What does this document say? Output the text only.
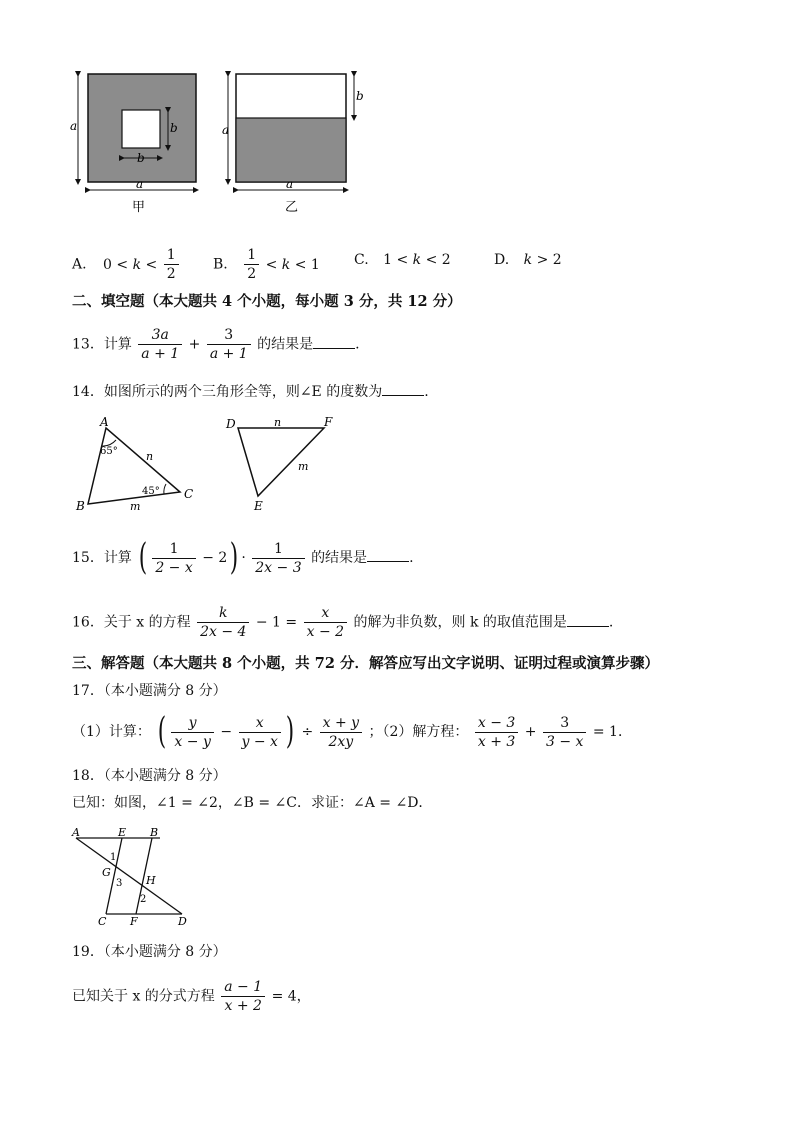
a
a
b
b
甲
a
a
b
乙
A. $0 < k < \frac{1}{2} B$. $\frac{1}{2} < k < 1$ C. 1 < k < 2	D. k > 2
二、填空题（本大题共 4 个小题，每小题 3 分，共 12 分）
13．计算 $\frac{3a}{a + 1} + \frac{3}{a + 1}$ 的结果是	.
14．如图所示的两个三角形全等，则∠E 的度数为	.
A
B
C
65°
45°
n
m
D	F
E
n
m
15．计算 ( $\frac{1}{2 - x} - 2) \cdot \frac{1}{2x - 3}$ 的结果是	.
16．关于 x 的方程 $\frac{k}{2x - 4} - 1 = \frac{x}{x - 2}$ 的解为非负数，则 k 的取值范围是	.
三、解答题（本大题共 8 个小题，共 72 分．解答应写出文字说明、证明过程或演算步骤）
17．（本小题满分 8 分）
（1）计算： ( $\frac{y}{x - y} - \frac{x}{y - x}$ ) ÷ $\frac{x + y}{2xy}$ ；（2）解方程： $\frac{x - 3}{x + 3} + \frac{3}{3 - x} = 1$．
18．（本小题满分 8 分）
已知：如图，∠1 = ∠2，∠B = ∠C．求证：∠A = ∠D．
A	E B
1
G
3 H
2
C F	D
19．（本小题满分 8 分）
已知关于 x 的分式方程 $\frac{a - 1}{x + 2} = 4$，
